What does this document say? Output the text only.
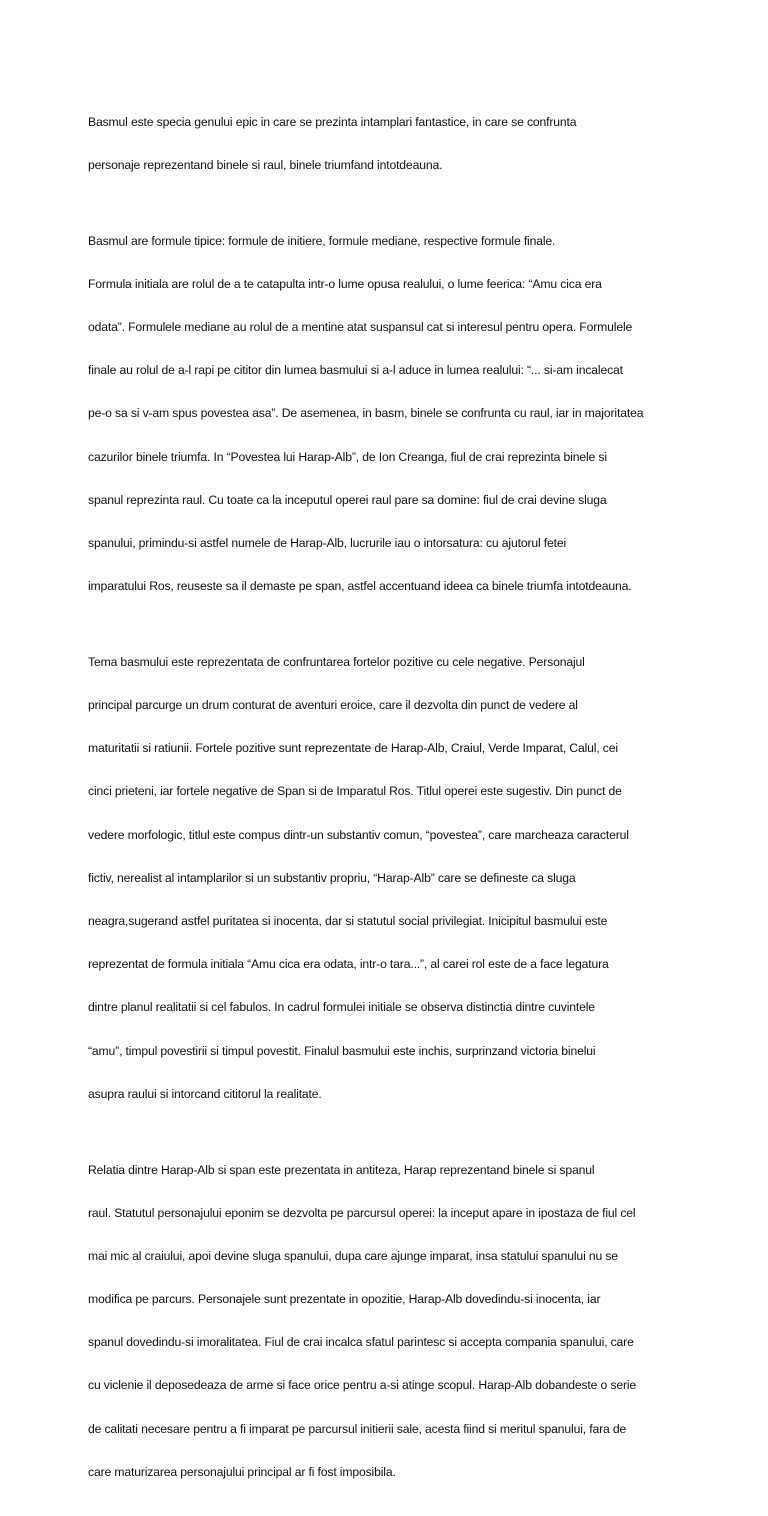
Basmul este specia genului epic in care se prezinta intamplari fantastice, in care se confrunta

personaje reprezentand binele si raul, binele triumfand intotdeauna.

Basmul are formule tipice: formule de initiere, formule mediane, respective formule finale.

Formula initiala are rolul de a te catapulta intr-o lume opusa realului, o lume feerica: “Amu cica era

odata”. Formulele mediane au rolul de a mentine atat suspansul cat si interesul pentru opera. Formulele

finale au rolul de a-l rapi pe cititor din lumea basmului si a-l aduce in lumea realului: “... si-am incalecat

pe-o sa si v-am spus povestea asa”. De asemenea, in basm, binele se confrunta cu raul, iar in majoritatea

cazurilor binele triumfa. In “Povestea lui Harap-Alb”, de Ion Creanga, fiul de crai reprezinta binele si

spanul reprezinta raul. Cu toate ca la inceputul operei raul pare sa domine: fiul de crai devine sluga

spanului, primindu-si astfel numele de Harap-Alb, lucrurile iau o intorsatura: cu ajutorul fetei

imparatului Ros, reuseste sa il demaste pe span, astfel accentuand ideea ca binele triumfa intotdeauna.

Tema basmului este reprezentata de confruntarea fortelor pozitive cu cele negative. Personajul

principal parcurge un drum conturat de aventuri eroice, care il dezvolta din punct de vedere al

maturitatii si ratiunii. Fortele pozitive sunt reprezentate de Harap-Alb, Craiul, Verde Imparat, Calul, cei

cinci prieteni, iar fortele negative de Span si de Imparatul Ros. Titlul operei este sugestiv. Din punct de

vedere morfologic, titlul este compus dintr-un substantiv comun, “povestea”, care marcheaza caracterul

fictiv, nerealist al intamplarilor si un substantiv propriu, “Harap-Alb” care se defineste ca sluga

neagra,sugerand astfel puritatea si inocenta, dar si statutul social privilegiat. Inicipitul basmului este

reprezentat de formula initiala “Amu cica era odata, intr-o tara...”, al carei rol este de a face legatura

dintre planul realitatii si cel fabulos. In cadrul formulei initiale se observa distinctia dintre cuvintele

“amu”, timpul povestirii si timpul povestit. Finalul basmului este inchis, surprinzand victoria binelui

asupra raului si intorcand cititorul la realitate.

Relatia dintre Harap-Alb si span este prezentata in antiteza, Harap reprezentand binele si spanul

raul. Statutul personajului eponim se dezvolta pe parcursul operei: la inceput apare in ipostaza de fiul cel

mai mic al craiului, apoi devine sluga spanului, dupa care ajunge imparat, insa statului spanului nu se

modifica pe parcurs. Personajele sunt prezentate in opozitie, Harap-Alb dovedindu-si inocenta, iar

spanul dovedindu-si imoralitatea. Fiul de crai incalca sfatul parintesc si accepta compania spanului, care

cu viclenie il deposedeaza de arme si face orice pentru a-si atinge scopul. Harap-Alb dobandeste o serie

de calitati necesare pentru a fi imparat pe parcursul initierii sale, acesta fiind si meritul spanului, fara de

care maturizarea personajului principal ar fi fost imposibila.
